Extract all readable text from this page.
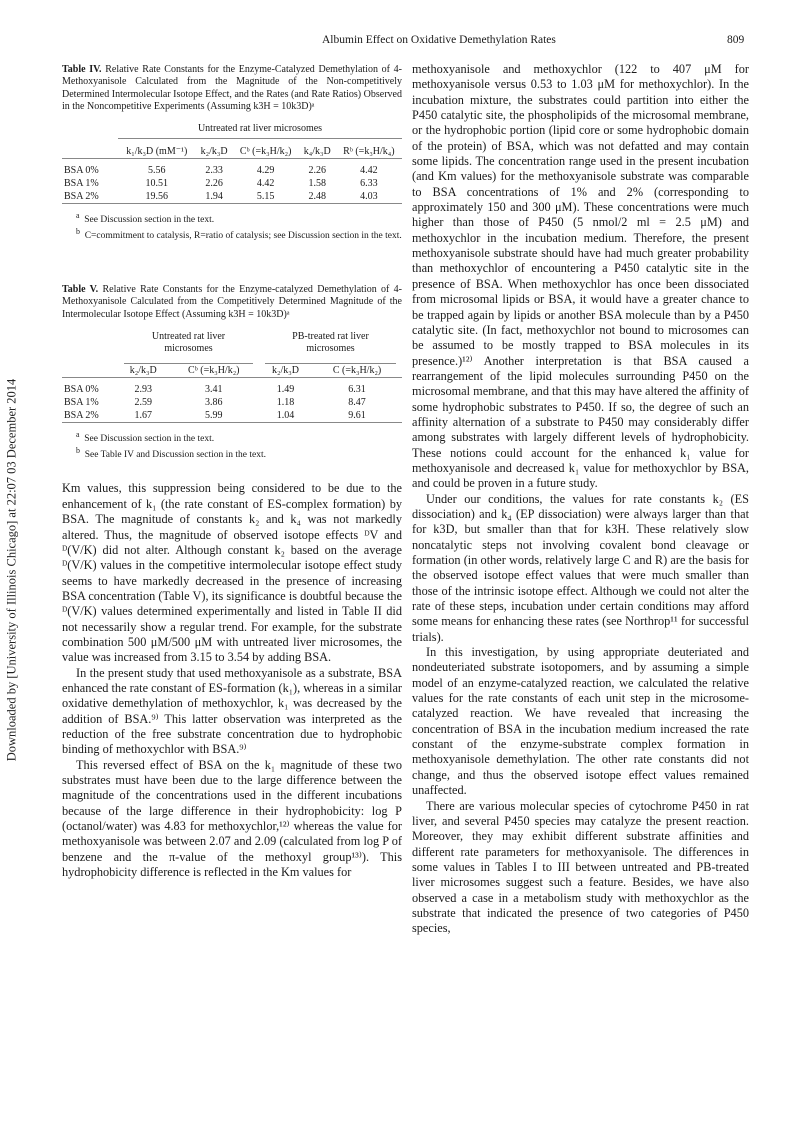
Downloaded by [University of Illinois Chicago] at 22:07 03 December 2014
Albumin Effect on Oxidative Demethylation Rates	809

Table IV. Relative Rate Constants for the Enzyme-Catalyzed Demethylation of 4-Methoxyanisole Calculated from the Magnitude of the Non-competitively Determined Intermolecular Isotope Effect, and the Rates (and Rate Ratios) Observed in the Noncompetitive Experiments (Assuming k3H = 10k3D)ᵃ

	Untreated rat liver microsomes				

	k₁/k₃D (mM⁻¹)	k₂/k₃D	Cᵇ (=k₃H/k₂)	k₄/k₃D	Rᵇ (=k₃H/k₄)

BSA 0%	5.56	2.33	4.29	2.26	4.42
BSA 1%	10.51	2.26	4.42	1.58	6.33
BSA 2%	19.56	1.94	5.15	2.48	4.03

$^a$ See Discussion section in the text.

$^b$ C=commitment to catalysis, R=ratio of catalysis; see Discussion section in the text.

Table V. Relative Rate Constants for the Enzyme-catalyzed Demethylation of 4-Methoxyanisole Calculated from the Competitively Determined Magnitude of the Intermolecular Isotope Effect (Assuming k3H = 10k3D)ᵃ

	Untreated rat liver microsomes		PB-treated rat liver microsomes	

	k₂/k₃D	Cᵇ (=k₃H/k₂)	k₂/k₃D	C (=k₃H/k₂)

BSA 0%	2.93	3.41	1.49	6.31
BSA 1%	2.59	3.86	1.18	8.47
BSA 2%	1.67	5.99	1.04	9.61

$^a$ See Discussion section in the text.

$^b$ See Table IV and Discussion section in the text.

Km values, this suppression being considered to be due to the enhancement of k₁ (the rate constant of ES-complex formation) by BSA. The magnitude of constants k₂ and k₄ was not markedly altered. Thus, the magnitude of observed isotope effects ᴰV and ᴰ(V/K) did not alter. Although constant k₂ based on the average ᴰ(V/K) values in the competitive intermolecular isotope effect study seems to have markedly decreased in the presence of increasing BSA concentration (Table V), its significance is doubtful because the ᴰ(V/K) values determined experimentally and listed in Table II did not necessarily show a regular trend. For example, for the substrate combination 500 μM/500 μM with untreated liver microsomes, the value was increased from 3.15 to 3.54 by adding BSA.

In the present study that used methoxyanisole as a substrate, BSA enhanced the rate constant of ES-formation (k₁), whereas in a similar oxidative demethylation of methoxychlor, k₁ was decreased by the addition of BSA.⁹⁾ This latter observation was interpreted as the reduction of the free substrate concentration due to hydrophobic binding of methoxychlor with BSA.⁹⁾

This reversed effect of BSA on the k₁ magnitude of these two substrates must have been due to the large difference between the magnitude of the concentrations used in the different incubations because of the large difference in their hydrophobicity: log P (octanol/water) was 4.83 for methoxychlor,¹²⁾ whereas the value for methoxyanisole was between 2.07 and 2.09 (calculated from log P of benzene and the π-value of the methoxyl group¹³⁾). This hydrophobicity difference is reflected in the Km values for

methoxyanisole and methoxychlor (122 to 407 μM for methoxyanisole versus 0.53 to 1.03 μM for methoxychlor). In the incubation mixture, the substrates could partition into either the P450 catalytic site, the phospholipids of the microsomal membrane, or the hydrophobic portion (lipid core or some hydrophobic domain of the protein) of BSA, which was not defatted and may contain some lipids. The concentration range used in the present incubation (and Km values) for the methoxyanisole substrate was comparable to BSA concentrations of 1% and 2% (corresponding to approximately 150 and 300 μM). These concentrations were much higher than those of P450 (5 nmol/2 ml = 2.5 μM) and methoxychlor in the incubation medium. Therefore, the present methoxyanisole substrate should have had much greater probability than methoxychlor of encountering a P450 catalytic site in the presence of BSA. When methoxychlor has once been dissociated from microsomal lipids or BSA, it would have a greater chance to be trapped again by lipids or another BSA molecule than by a P450 catalytic site. (In fact, methoxychlor not bound to microsomes can be assumed to be mostly trapped to BSA molecules in its presence.)¹²⁾ Another interpretation is that BSA caused a rearrangement of the lipid molecules surrounding P450 on the microsomal membrane, and that this may have altered the affinity of some hydrophobic substrates to P450. If so, the degree of such an affinity alternation of a substrate to P450 may considerably differ among substrates with largely different levels of hydrophobicity. These notions could account for the enhanced k₁ value for methoxyanisole and decreased k₁ value for methoxychlor by BSA, and could be proven in a future study.

Under our conditions, the values for rate constants k₂ (ES dissociation) and k₄ (EP dissociation) were always larger than that for k3D, but smaller than that for k3H. These relatively slow noncatalytic steps not involving covalent bond cleavage or formation (in other words, relatively large C and R) are the basis for the observed isotope effect values that were much smaller than those of the intrinsic isotope effect. Although we could not alter the rate of these steps, incubation under certain conditions may afford some means for enhancing these rates (see Northrop¹¹ for successful trials).

In this investigation, by using appropriate deuteriated and nondeuteriated substrate isotopomers, and by assuming a simple model of an enzyme-catalyzed reaction, we calculated the relative values for the rate constants of each unit step in the microsome-catalyzed reaction. We have revealed that increasing the concentration of BSA in the incubation medium increased the rate constant of the enzyme-substrate complex formation in methoxyanisole demethylation. The other rate constants did not change, and thus the observed isotope effect values remained unaffected.

There are various molecular species of cytochrome P450 in rat liver, and several P450 species may catalyze the present reaction. Moreover, they may exhibit different substrate affinities and different rate parameters for methoxyanisole. The differences in some values in Tables I to III between untreated and PB-treated liver microsomes suggest such a feature. Besides, we have also observed a case in a metabolism study with methoxychlor as the substrate that indicated the presence of two categories of P450 species,
